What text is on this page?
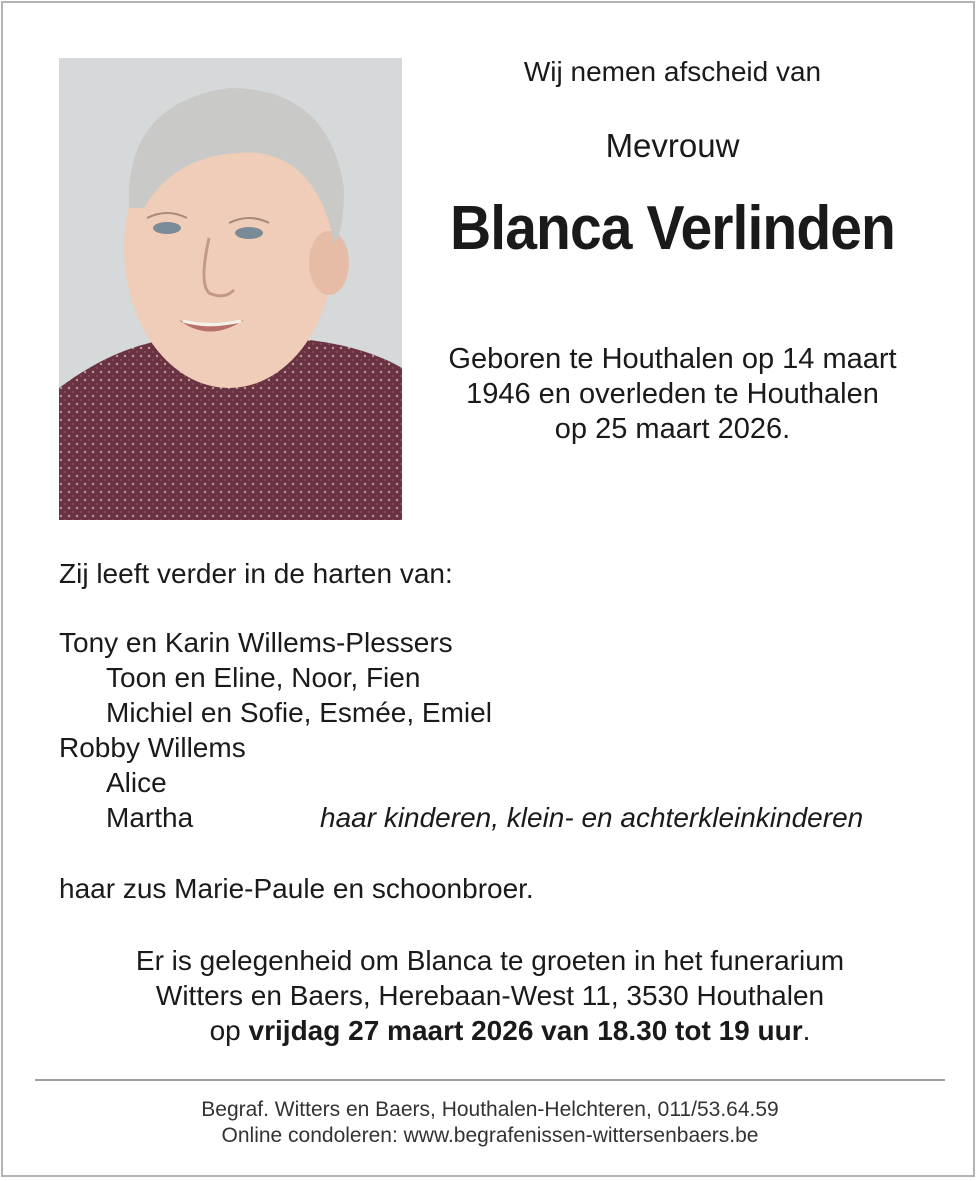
Wij nemen afscheid van
Mevrouw
Blanca Verlinden
Geboren te Houthalen op 14 maart
1946 en overleden te Houthalen
op 25 maart 2026.
Zij leeft verder in de harten van:
Tony en Karin Willems-Plessers
Toon en Eline, Noor, Fien
Michiel en Sofie, Esmée, Emiel
Robby Willems
Alice
Martha	haar kinderen, klein- en achterkleinkinderen
haar zus Marie-Paule en schoonbroer.
Er is gelegenheid om Blanca te groeten in het funerarium
Witters en Baers, Herebaan-West 11, 3530 Houthalen
op vrijdag 27 maart 2026 van 18.30 tot 19 uur.
Begraf. Witters en Baers, Houthalen-Helchteren, 011/53.64.59
Online condoleren: www.begrafenissen-wittersenbaers.be
